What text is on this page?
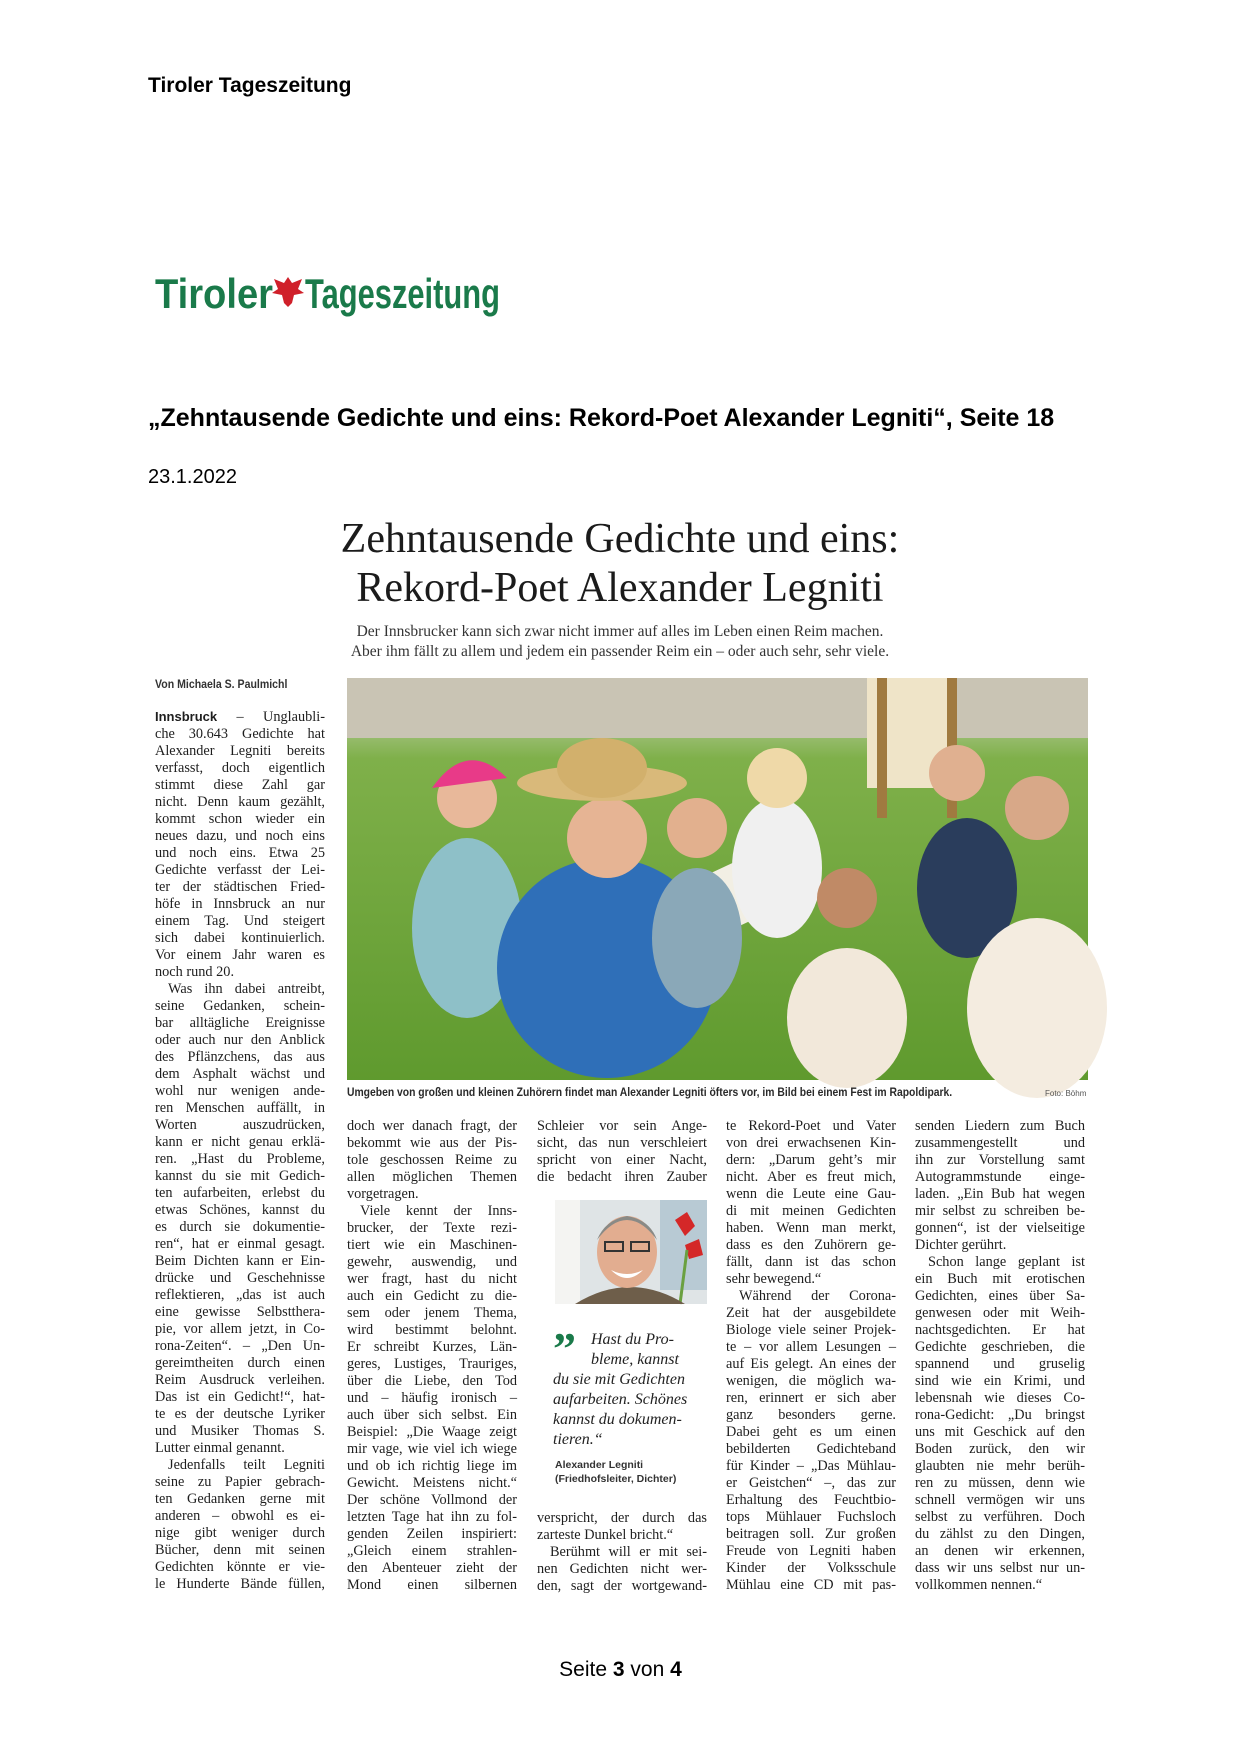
Tiroler Tageszeitung
Tiroler Tageszeitung
„Zehntausende Gedichte und eins: Rekord-Poet Alexander Legniti“, Seite 18
23.1.2022
Zehntausende Gedichte und eins:
Rekord-Poet Alexander Legniti
Der Innsbrucker kann sich zwar nicht immer auf alles im Leben einen Reim machen.
Aber ihm fällt zu allem und jedem ein passender Reim ein – oder auch sehr, sehr viele.
Von Michaela S. Paulmichl
Umgeben von großen und kleinen Zuhörern findet man Alexander Legniti öfters vor, im Bild bei einem Fest im Rapoldipark.	Foto: Böhm
Innsbruck – Unglaubli-
che 30.643 Gedichte hat
Alexander Legniti bereits
verfasst, doch eigentlich
stimmt diese Zahl gar
nicht. Denn kaum gezählt,
kommt schon wieder ein
neues dazu, und noch eins
und noch eins. Etwa 25
Gedichte verfasst der Lei-
ter der städtischen Fried-
höfe in Innsbruck an nur
einem Tag. Und steigert
sich dabei kontinuierlich.
Vor einem Jahr waren es
noch rund 20.
Was ihn dabei antreibt,
seine Gedanken, schein-
bar alltägliche Ereignisse
oder auch nur den Anblick
des Pflänzchens, das aus
dem Asphalt wächst und
wohl nur wenigen ande-
ren Menschen auffällt, in
Worten auszudrücken,
kann er nicht genau erklä-
ren. „Hast du Probleme,
kannst du sie mit Gedich-
ten aufarbeiten, erlebst du
etwas Schönes, kannst du
es durch sie dokumentie-
ren“, hat er einmal gesagt.
Beim Dichten kann er Ein-
drücke und Geschehnisse
reflektieren, „das ist auch
eine gewisse Selbstthera-
pie, vor allem jetzt, in Co-
rona-Zeiten“. – „Den Un-
gereimtheiten durch einen
Reim Ausdruck verleihen.
Das ist ein Gedicht!“, hat-
te es der deutsche Lyriker
und Musiker Thomas S.
Lutter einmal genannt.
Jedenfalls teilt Legniti
seine zu Papier gebrach-
ten Gedanken gerne mit
anderen – obwohl es ei-
nige gibt weniger durch
Bücher, denn mit seinen
Gedichten könnte er vie-
le Hunderte Bände füllen,
doch wer danach fragt, der
bekommt wie aus der Pis-
tole geschossen Reime zu
allen möglichen Themen
vorgetragen.
Viele kennt der Inns-
brucker, der Texte rezi-
tiert wie ein Maschinen-
gewehr, auswendig, und
wer fragt, hast du nicht
auch ein Gedicht zu die-
sem oder jenem Thema,
wird bestimmt belohnt.
Er schreibt Kurzes, Län-
geres, Lustiges, Trauriges,
über die Liebe, den Tod
und – häufig ironisch –
auch über sich selbst. Ein
Beispiel: „Die Waage zeigt
mir vage, wie viel ich wiege
und ob ich richtig liege im
Gewicht. Meistens nicht.“
Der schöne Vollmond der
letzten Tage hat ihn zu fol-
genden Zeilen inspiriert:
„Gleich einem strahlen-
den Abenteuer zieht der
Mond einen silbernen
Schleier vor sein Ange-
sicht, das nun verschleiert
spricht von einer Nacht,
die bedacht ihren Zauber
verspricht, der durch das
zarteste Dunkel bricht.“
Berühmt will er mit sei-
nen Gedichten nicht wer-
den, sagt der wortgewand-
te Rekord-Poet und Vater
von drei erwachsenen Kin-
dern: „Darum geht’s mir
nicht. Aber es freut mich,
wenn die Leute eine Gau-
di mit meinen Gedichten
haben. Wenn man merkt,
dass es den Zuhörern ge-
fällt, dann ist das schon
sehr bewegend.“
Während der Corona-
Zeit hat der ausgebildete
Biologe viele seiner Projek-
te – vor allem Lesungen –
auf Eis gelegt. An eines der
wenigen, die möglich wa-
ren, erinnert er sich aber
ganz besonders gerne.
Dabei geht es um einen
bebilderten Gedichteband
für Kinder – „Das Mühlau-
er Geistchen“ –, das zur
Erhaltung des Feuchtbio-
tops Mühlauer Fuchsloch
beitragen soll. Zur großen
Freude von Legniti haben
Kinder der Volksschule
Mühlau eine CD mit pas-
senden Liedern zum Buch
zusammengestellt und
ihn zur Vorstellung samt
Autogrammstunde einge-
laden. „Ein Bub hat wegen
mir selbst zu schreiben be-
gonnen“, ist der vielseitige
Dichter gerührt.
Schon lange geplant ist
ein Buch mit erotischen
Gedichten, eines über Sa-
genwesen oder mit Weih-
nachtsgedichten. Er hat
Gedichte geschrieben, die
spannend und gruselig
sind wie ein Krimi, und
lebensnah wie dieses Co-
rona-Gedicht: „Du bringst
uns mit Geschick auf den
Boden zurück, den wir
glaubten nie mehr berüh-
ren zu müssen, denn wie
schnell vermögen wir uns
selbst zu verführen. Doch
du zählst zu den Dingen,
an denen wir erkennen,
dass wir uns selbst nur un-
vollkommen nennen.“
” Hast du Pro-
bleme, kannst
du sie mit Gedichten
aufarbeiten. Schönes
kannst du dokumen-
tieren.“
Alexander Legniti
(Friedhofsleiter, Dichter)
Seite 3 von 4
